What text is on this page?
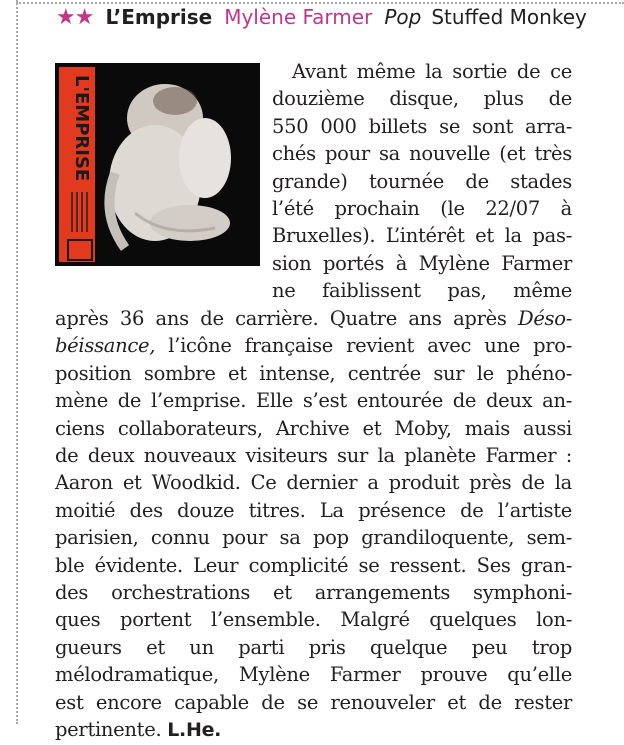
★★ L’Emprise Mylène Farmer Pop Stuffed Monkey
L'EMPRISE
Avant même la sortie de ce
douzième disque, plus de
550 000 billets se sont arra-
chés pour sa nouvelle (et très
grande) tournée de stades
l’été prochain (le 22/07 à
Bruxelles). L’intérêt et la pas-
sion portés à Mylène Farmer
ne faiblissent pas, même
après 36 ans de carrière. Quatre ans après Déso-
béissance, l’icône française revient avec une pro-
position sombre et intense, centrée sur le phéno-
mène de l’emprise. Elle s’est entourée de deux an-
ciens collaborateurs, Archive et Moby, mais aussi
de deux nouveaux visiteurs sur la planète Farmer :
Aaron et Woodkid. Ce dernier a produit près de la
moitié des douze titres. La présence de l’artiste
parisien, connu pour sa pop grandiloquente, sem-
ble évidente. Leur complicité se ressent. Ses gran-
des orchestrations et arrangements symphoni-
ques portent l’ensemble. Malgré quelques lon-
gueurs et un parti pris quelque peu trop
mélodramatique, Mylène Farmer prouve qu’elle
est encore capable de se renouveler et de rester
pertinente. L.He.
